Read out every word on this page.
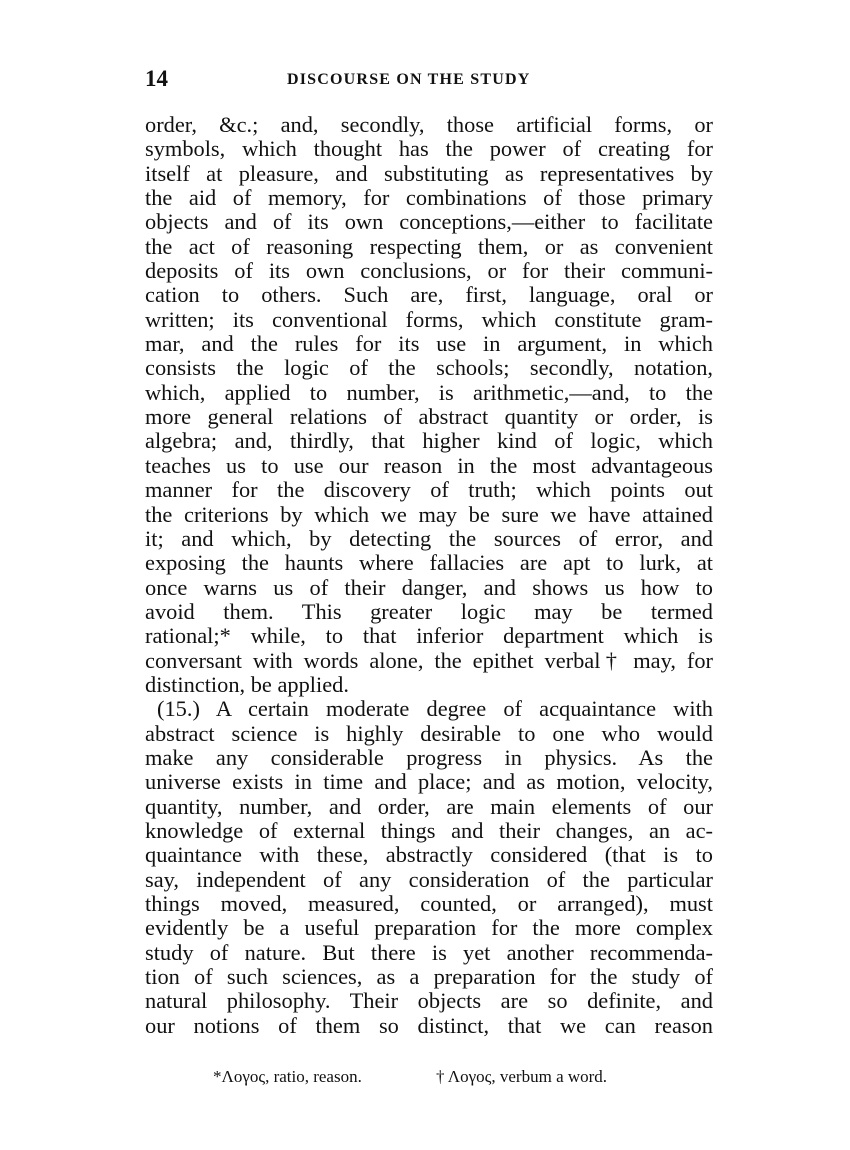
14	DISCOURSE ON THE STUDY
order, &c.; and, secondly, those artificial forms, or
symbols, which thought has the power of creating for
itself at pleasure, and substituting as representatives by
the aid of memory, for combinations of those primary
objects and of its own conceptions,—either to facilitate
the act of reasoning respecting them, or as convenient
deposits of its own conclusions, or for their communi-
cation to others. Such are, first, language, oral or
written; its conventional forms, which constitute gram-
mar, and the rules for its use in argument, in which
consists the logic of the schools; secondly, notation,
which, applied to number, is arithmetic,—and, to the
more general relations of abstract quantity or order, is
algebra; and, thirdly, that higher kind of logic, which
teaches us to use our reason in the most advantageous
manner for the discovery of truth; which points out
the criterions by which we may be sure we have attained
it; and which, by detecting the sources of error, and
exposing the haunts where fallacies are apt to lurk, at
once warns us of their danger, and shows us how to
avoid them. This greater logic may be termed
rational;* while, to that inferior department which is
conversant with words alone, the epithet verbal† may, for
distinction, be applied.
(15.) A certain moderate degree of acquaintance with
abstract science is highly desirable to one who would
make any considerable progress in physics. As the
universe exists in time and place; and as motion, velocity,
quantity, number, and order, are main elements of our
knowledge of external things and their changes, an ac-
quaintance with these, abstractly considered (that is to
say, independent of any consideration of the particular
things moved, measured, counted, or arranged), must
evidently be a useful preparation for the more complex
study of nature. But there is yet another recommenda-
tion of such sciences, as a preparation for the study of
natural philosophy. Their objects are so definite, and
our notions of them so distinct, that we can reason
*Λογος, ratio, reason.	† Λογος, verbum a word.
